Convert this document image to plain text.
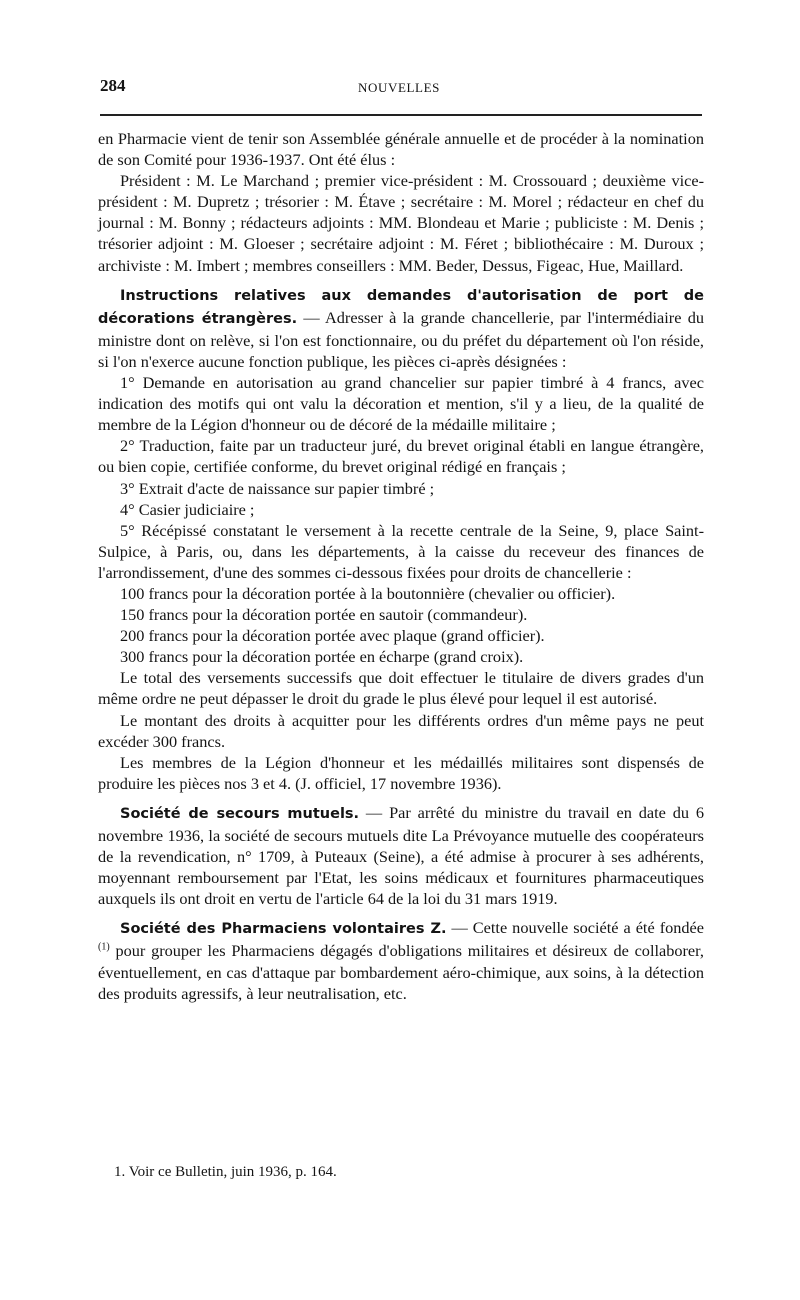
284	NOUVELLES

en Pharmacie vient de tenir son Assemblée générale annuelle et de procéder à la nomination de son Comité pour 1936-1937. Ont été élus :

Président : M. Le Marchand ; premier vice-président : M. Crossouard ; deuxième vice-président : M. Dupretz ; trésorier : M. Étave ; secrétaire : M. Morel ; rédacteur en chef du journal : M. Bonny ; rédacteurs adjoints : MM. Blondeau et Marie ; publiciste : M. Denis ; trésorier adjoint : M. Gloeser ; secrétaire adjoint : M. Féret ; bibliothécaire : M. Duroux ; archiviste : M. Imbert ; membres conseillers : MM. Beder, Dessus, Figeac, Hue, Maillard.

Instructions relatives aux demandes d'autorisation de port de décorations étrangères. — Adresser à la grande chancellerie, par l'intermédiaire du ministre dont on relève, si l'on est fonctionnaire, ou du préfet du département où l'on réside, si l'on n'exerce aucune fonction publique, les pièces ci-après désignées :

1° Demande en autorisation au grand chancelier sur papier timbré à 4 francs, avec indication des motifs qui ont valu la décoration et mention, s'il y a lieu, de la qualité de membre de la Légion d'honneur ou de décoré de la médaille militaire ;

2° Traduction, faite par un traducteur juré, du brevet original établi en langue étrangère, ou bien copie, certifiée conforme, du brevet original rédigé en français ;

3° Extrait d'acte de naissance sur papier timbré ;

4° Casier judiciaire ;

5° Récépissé constatant le versement à la recette centrale de la Seine, 9, place Saint-Sulpice, à Paris, ou, dans les départements, à la caisse du receveur des finances de l'arrondissement, d'une des sommes ci-dessous fixées pour droits de chancellerie :

100 francs pour la décoration portée à la boutonnière (chevalier ou officier).

150 francs pour la décoration portée en sautoir (commandeur).

200 francs pour la décoration portée avec plaque (grand officier).

300 francs pour la décoration portée en écharpe (grand croix).

Le total des versements successifs que doit effectuer le titulaire de divers grades d'un même ordre ne peut dépasser le droit du grade le plus élevé pour lequel il est autorisé.

Le montant des droits à acquitter pour les différents ordres d'un même pays ne peut excéder 300 francs.

Les membres de la Légion d'honneur et les médaillés militaires sont dispensés de produire les pièces nos 3 et 4. (J. officiel, 17 novembre 1936).

Société de secours mutuels. — Par arrêté du ministre du travail en date du 6 novembre 1936, la société de secours mutuels dite La Prévoyance mutuelle des coopérateurs de la revendication, n° 1709, à Puteaux (Seine), a été admise à procurer à ses adhérents, moyennant remboursement par l'Etat, les soins médicaux et fournitures pharmaceutiques auxquels ils ont droit en vertu de l'article 64 de la loi du 31 mars 1919.

Société des Pharmaciens volontaires Z. — Cette nouvelle société a été fondée $^{(1)}$ pour grouper les Pharmaciens dégagés d'obligations militaires et désireux de collaborer, éventuellement, en cas d'attaque par bombardement aéro-chimique, aux soins, à la détection des produits agressifs, à leur neutralisation, etc.

1. Voir ce Bulletin, juin 1936, p. 164.
